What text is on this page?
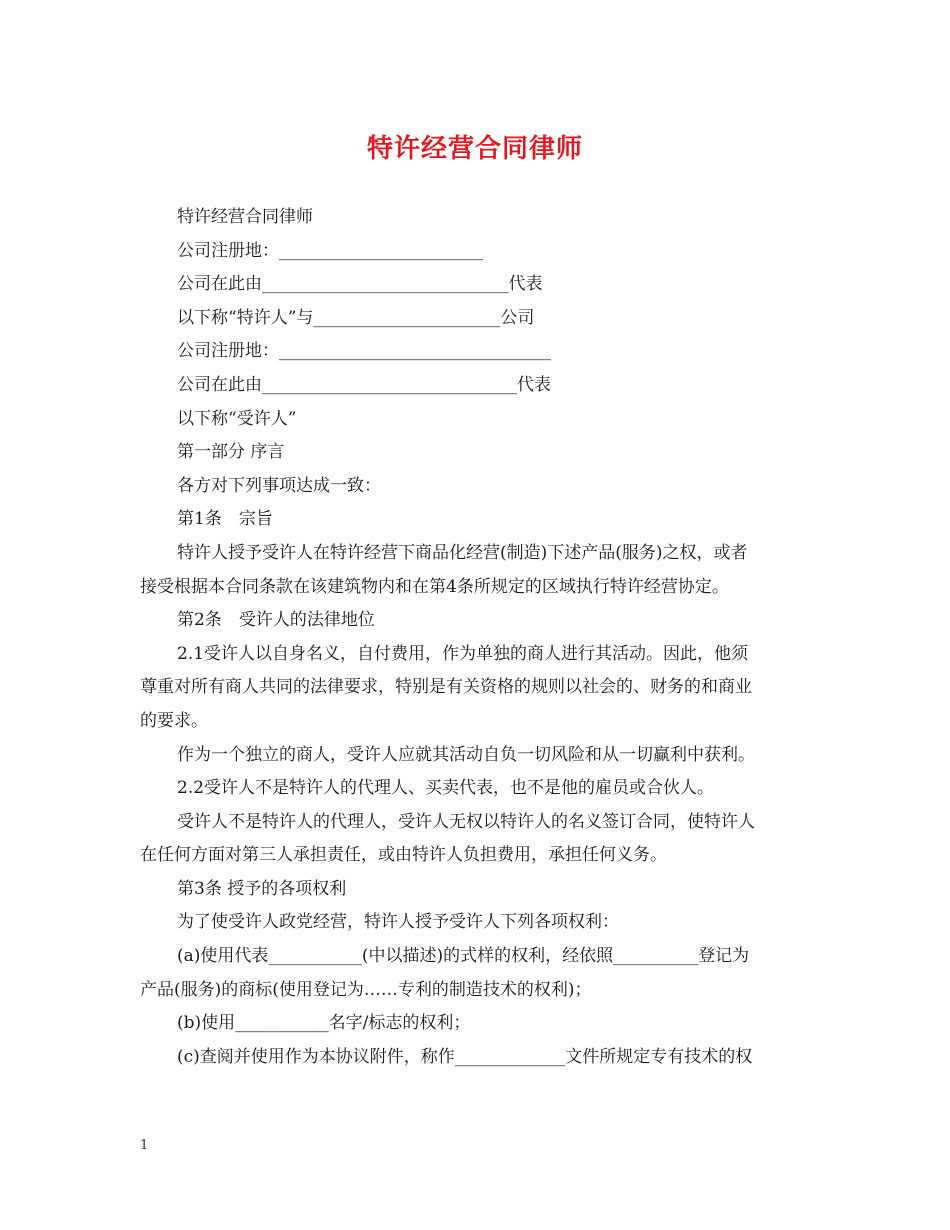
特许经营合同律师
特许经营合同律师
公司注册地：________________________
公司在此由_____________________________代表
以下称“特许人”与______________________公司
公司注册地：________________________________
公司在此由______________________________代表
以下称“受许人”
第一部分 序言
各方对下列事项达成一致：
第1条　宗旨
特许人授予受许人在特许经营下商品化经营(制造)下述产品(服务)之权，或者
接受根据本合同条款在该建筑物内和在第4条所规定的区域执行特许经营协定。
第2条　受许人的法律地位
2.1受许人以自身名义，自付费用，作为单独的商人进行其活动。因此，他须
尊重对所有商人共同的法律要求，特别是有关资格的规则以社会的、财务的和商业
的要求。
作为一个独立的商人，受许人应就其活动自负一切风险和从一切赢利中获利。
2.2受许人不是特许人的代理人、买卖代表，也不是他的雇员或合伙人。
受许人不是特许人的代理人，受许人无权以特许人的名义签订合同，使特许人
在任何方面对第三人承担责任，或由特许人负担费用，承担任何义务。
第3条 授予的各项权利
为了使受许人政党经营，特许人授予受许人下列各项权利：
(a)使用代表___________(中以描述)的式样的权利，经依照__________登记为
产品(服务)的商标(使用登记为……专利的制造技术的权利)；
(b)使用___________名字/标志的权利；
(c)查阅并使用作为本协议附件，称作_____________文件所规定专有技术的权
1
